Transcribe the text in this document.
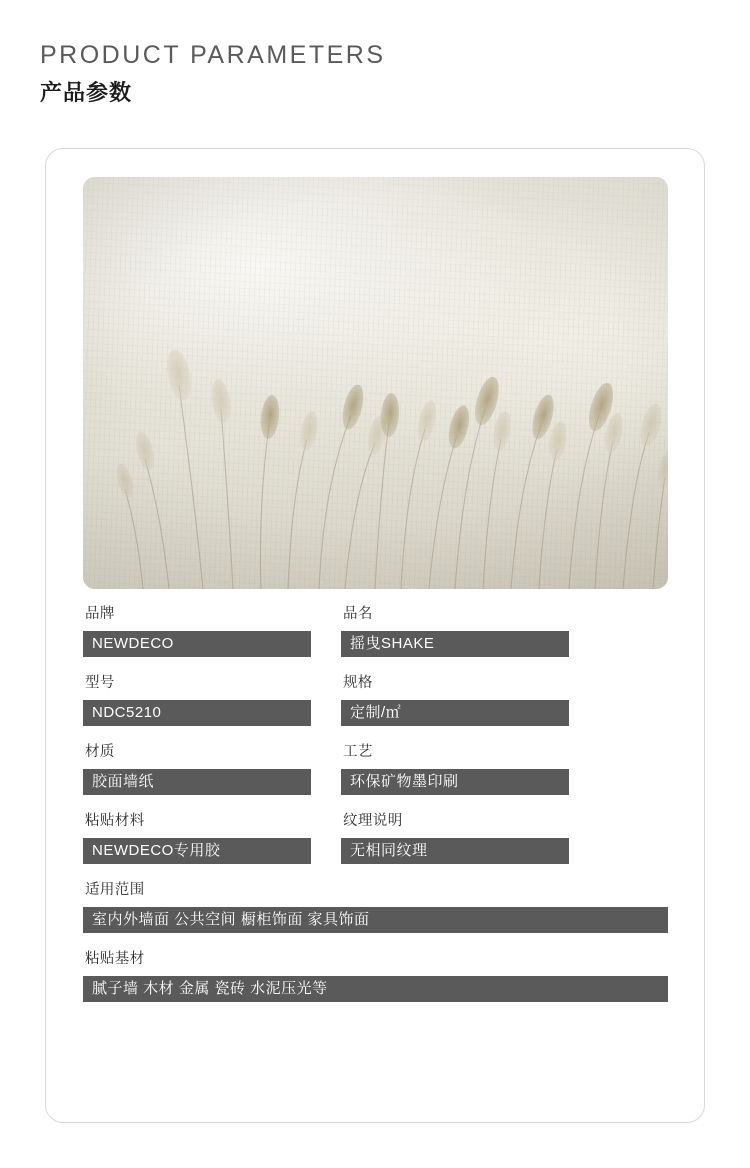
PRODUCT PARAMETERS
产品参数
品牌
NEWDECO
品名
摇曳SHAKE
型号
NDC5210
规格
定制/㎡
材质
胶面墙纸
工艺
环保矿物墨印刷
粘贴材料
NEWDECO专用胶
纹理说明
无相同纹理
适用范围
室内外墙面 公共空间 橱柜饰面 家具饰面
粘贴基材
腻子墙 木材 金属 瓷砖 水泥压光等
